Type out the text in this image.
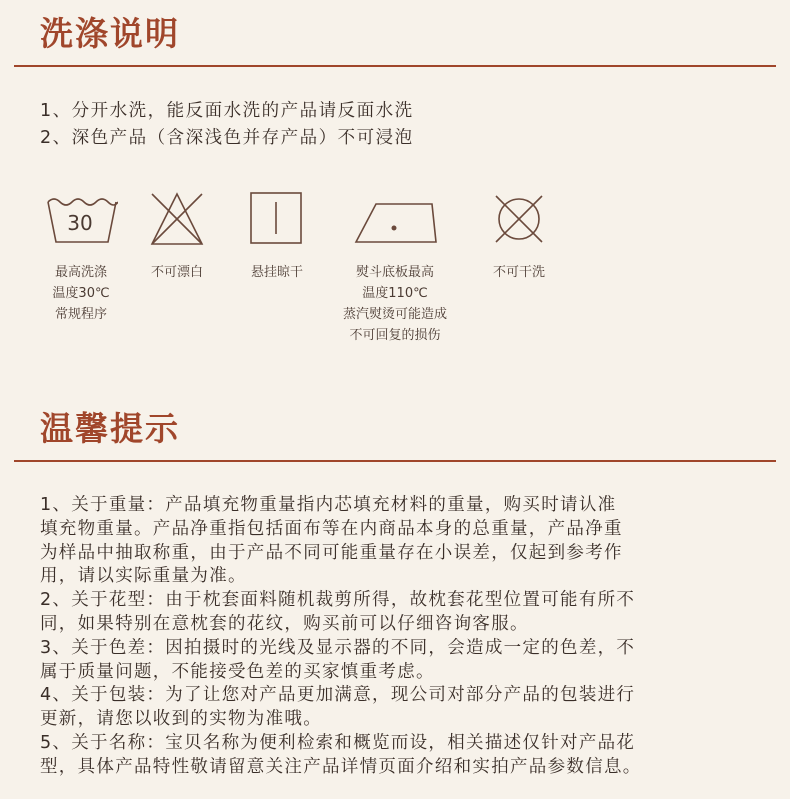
洗涤说明
1、分开水洗，能反面水洗的产品请反面水洗
2、深色产品（含深浅色并存产品）不可浸泡
30
最高洗涤
温度30℃
常规程序
不可漂白	悬挂晾干	熨斗底板最高
温度110℃
蒸汽熨烫可能造成
不可回复的损伤
不可干洗
温馨提示
1、关于重量：产品填充物重量指内芯填充材料的重量，购买时请认准
填充物重量。产品净重指包括面布等在内商品本身的总重量，产品净重
为样品中抽取称重，由于产品不同可能重量存在小误差，仅起到参考作
用，请以实际重量为准。
2、关于花型：由于枕套面料随机裁剪所得，故枕套花型位置可能有所不
同，如果特别在意枕套的花纹，购买前可以仔细咨询客服。
3、关于色差：因拍摄时的光线及显示器的不同，会造成一定的色差，不
属于质量问题，不能接受色差的买家慎重考虑。
4、关于包装：为了让您对产品更加满意，现公司对部分产品的包装进行
更新，请您以收到的实物为准哦。
5、关于名称：宝贝名称为便利检索和概览而设，相关描述仅针对产品花
型，具体产品特性敬请留意关注产品详情页面介绍和实拍产品参数信息。
